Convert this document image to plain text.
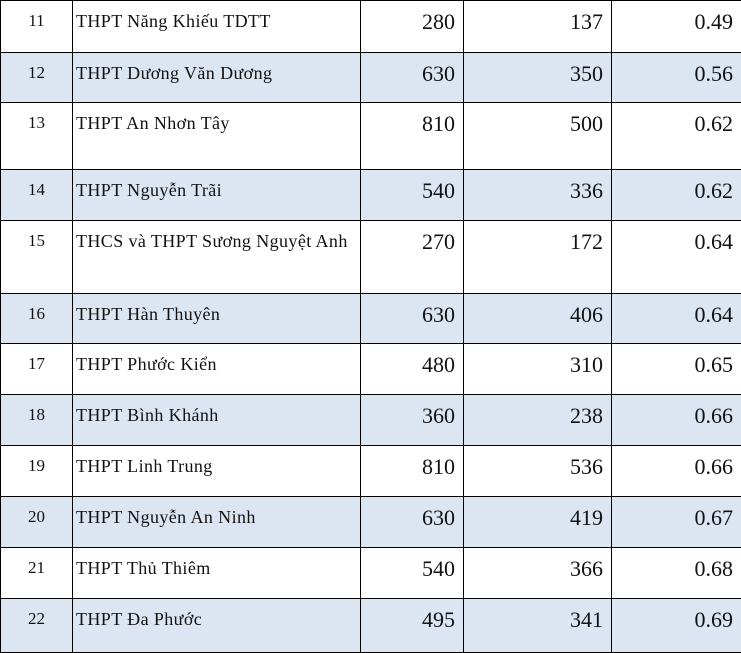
11	THPT Năng Khiếu TDTT	280	137	0.49
12	THPT Dương Văn Dương	630	350	0.56
13	THPT An Nhơn Tây	810	500	0.62
14	THPT Nguyễn Trãi	540	336	0.62
15	THCS và THPT Sương Nguyệt Anh	270	172	0.64
16	THPT Hàn Thuyên	630	406	0.64
17	THPT Phước Kiển	480	310	0.65
18	THPT Bình Khánh	360	238	0.66
19	THPT Linh Trung	810	536	0.66
20	THPT Nguyễn An Ninh	630	419	0.67
21	THPT Thủ Thiêm	540	366	0.68
22	THPT Đa Phước	495	341	0.69
